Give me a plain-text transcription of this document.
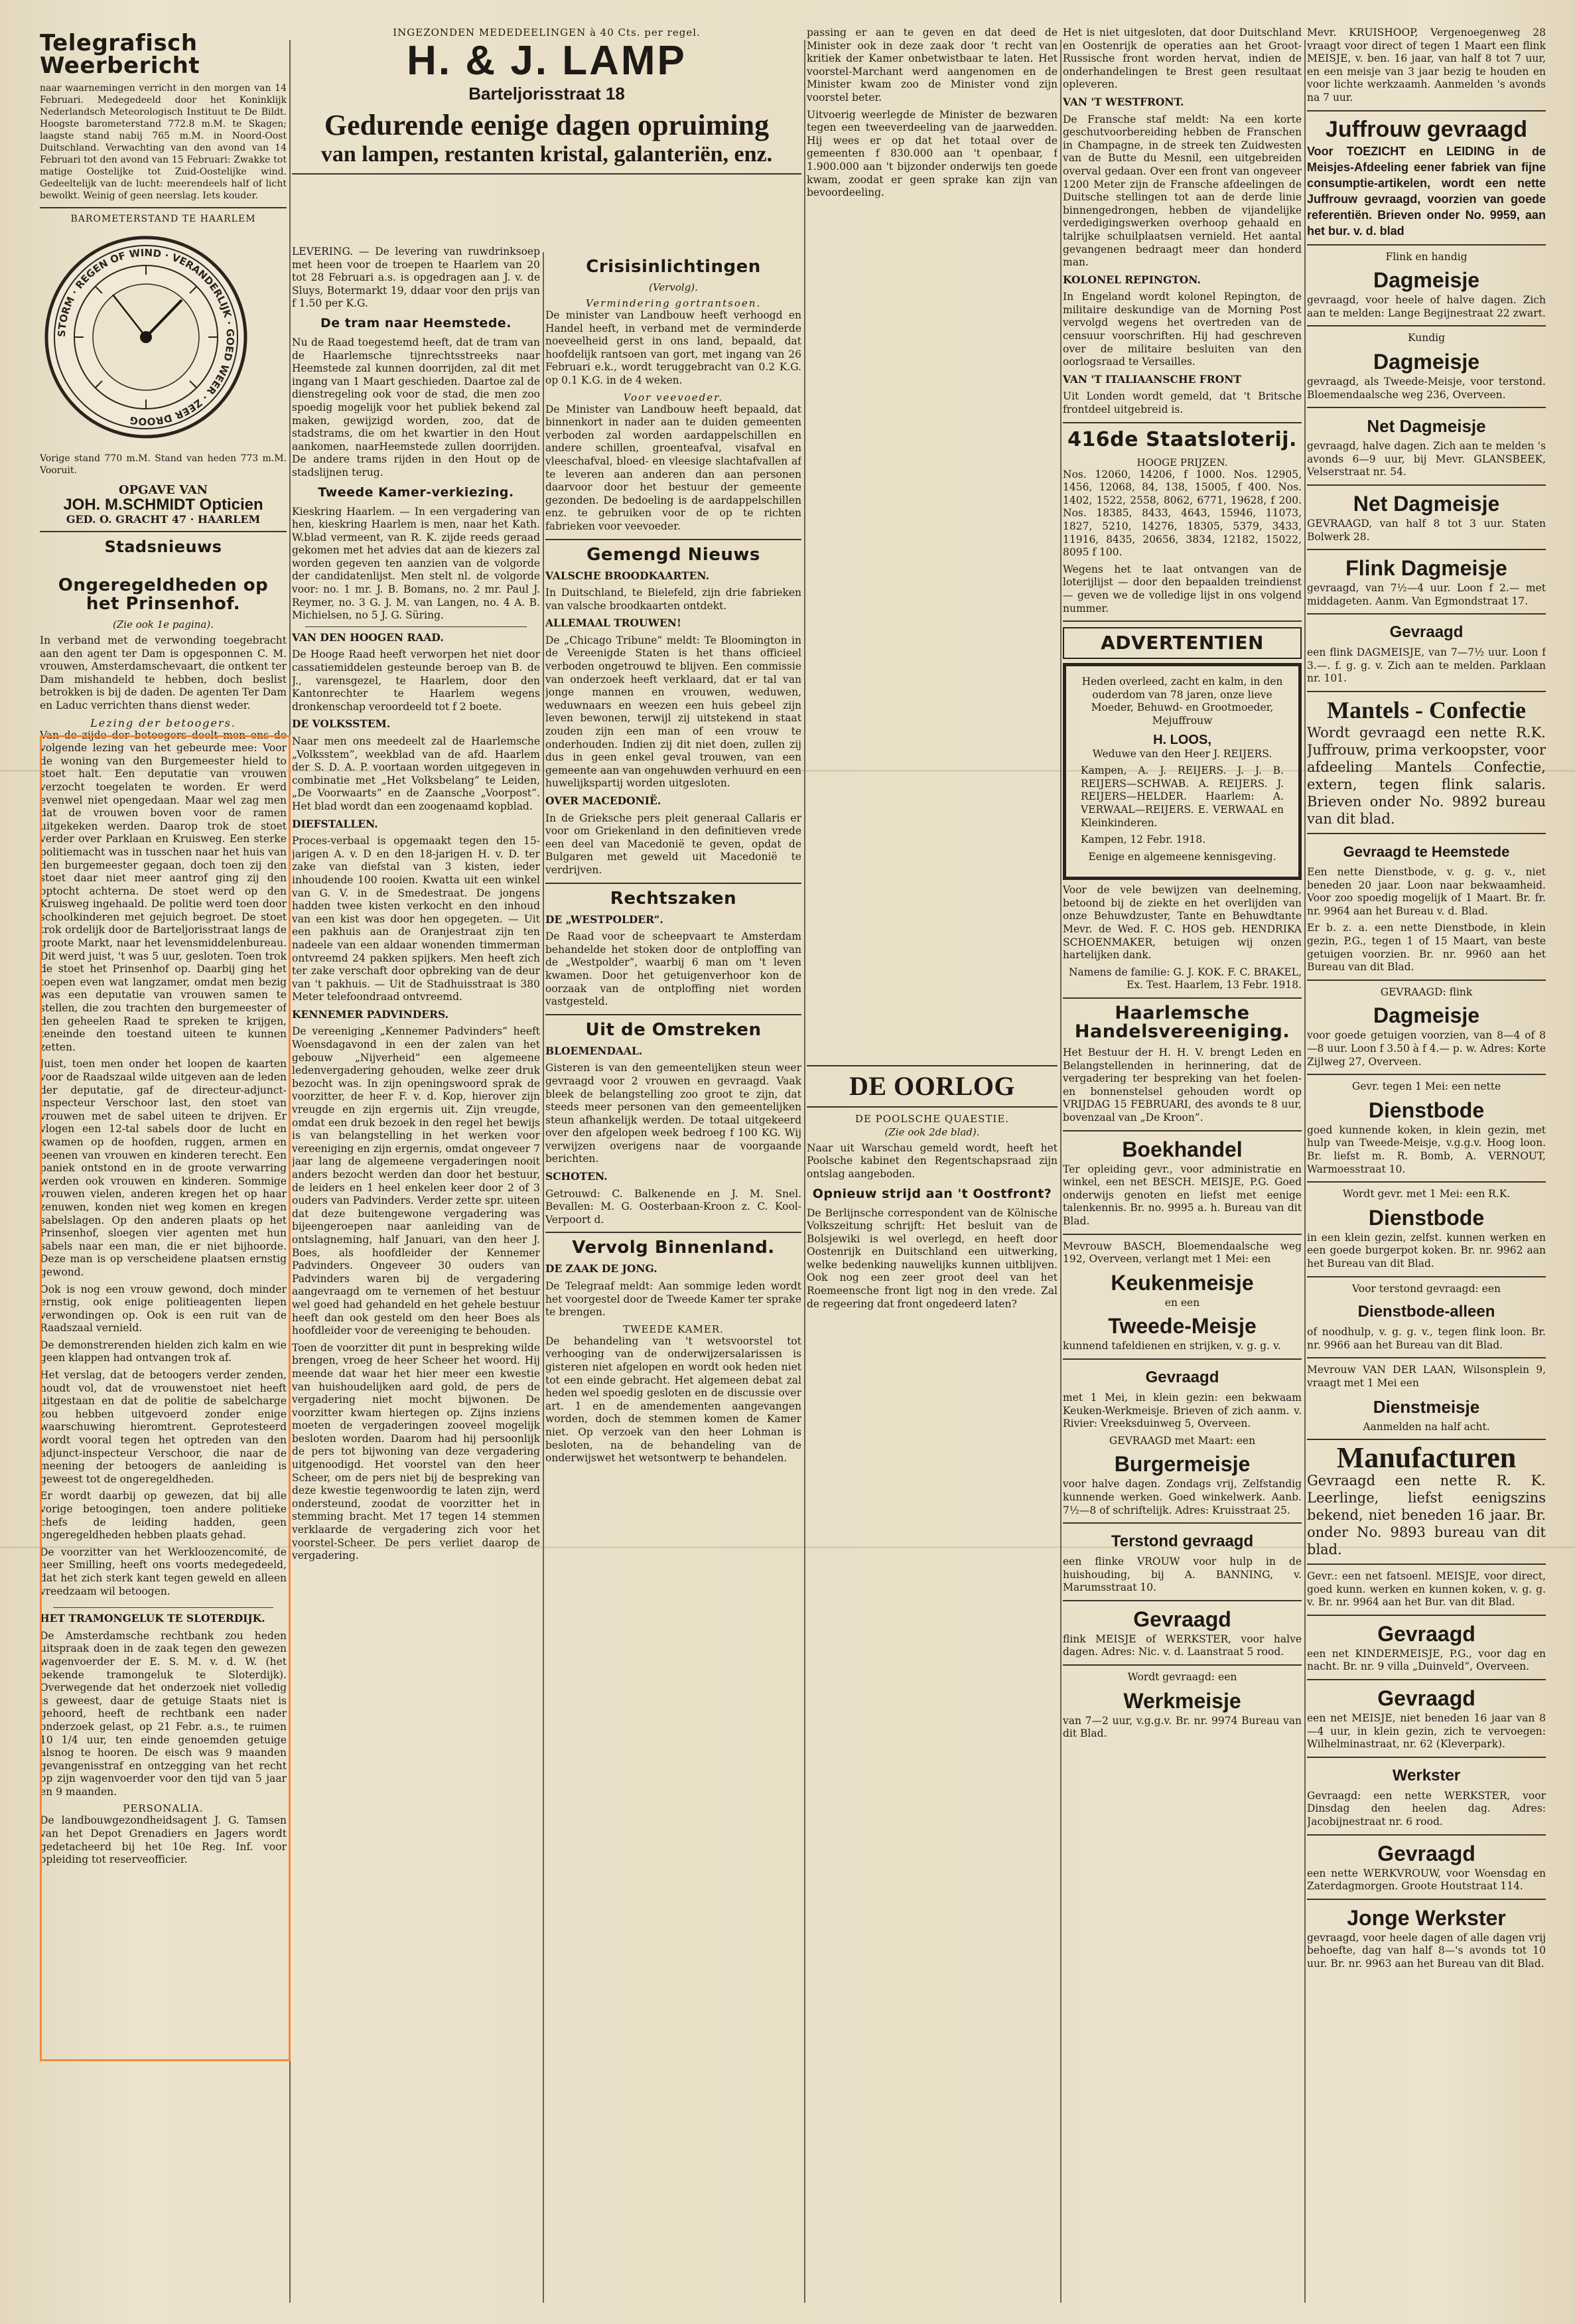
Telegrafisch Weerbericht

naar waarnemingen verricht in den morgen van 14 Februari. Medegedeeld door het Koninklijk Nederlandsch Meteorologisch Instituut te De Bildt. Hoogste barometerstand 772.8 m.M. te Skagen; laagste stand nabij 765 m.M. in Noord-Oost Duitschland. Verwachting van den avond van 14 Februari tot den avond van 15 Februari: Zwakke tot matige Oostelijke tot Zuid-Oostelijke wind. Gedeeltelijk van de lucht: meerendeels half of licht bewolkt. Weinig of geen neerslag. Iets kouder.

BAROMETERSTAND TE HAARLEM
STORM · REGEN OF WIND · VERANDERLIJK · GOED WEER · ZEER DROOG

Vorige stand 770 m.M. Stand van heden 773 m.M. Vooruit.

OPGAVE VAN
JOH. M.SCHMIDT Opticien
GED. O. GRACHT 47 · HAARLEM
Stadsnieuws
Ongeregeldheden op het Prinsenhof.
(Zie ook 1e pagina).

In verband met de verwonding toegebracht aan den agent ter Dam is opgesponnen C. M. vrouwen, Amsterdamschevaart, die ontkent ter Dam mishandeld te hebben, doch beslist betrokken is bij de daden. De agenten Ter Dam en Laduc verrichten thans dienst weder.

Lezing der betoogers.

Van de zijde der betoogers deelt men ons de volgende lezing van het gebeurde mee: Voor de woning van den Burgemeester hield to stoet halt. Een deputatie van vrouwen verzocht toegelaten te worden. Er werd evenwel niet opengedaan. Maar wel zag men dat de vrouwen boven voor de ramen uitgekeken werden. Daarop trok de stoet verder over Parklaan en Kruisweg. Een sterke politiemacht was in tusschen naar het huis van den burgemeester gegaan, doch toen zij den stoet daar niet meer aantrof ging zij den optocht achterna. De stoet werd op den Kruisweg ingehaald. De politie werd toen door schoolkinderen met gejuich begroet. De stoet trok ordelijk door de Barteljorisstraat langs de groote Markt, naar het levensmiddelenbureau. Dit werd juist, 't was 5 uur, gesloten. Toen trok de stoet het Prinsenhof op. Daarbij ging het toepen even wat langzamer, omdat men bezig was een deputatie van vrouwen samen te stellen, die zou trachten den burgemeester of den geheelen Raad te spreken te krijgen, teneinde den toestand uiteen te kunnen zetten.

Juist, toen men onder het loopen de kaarten voor de Raadszaal wilde uitgeven aan de leden der deputatie, gaf de directeur-adjunct-inspecteur Verschoor last, den stoet van vrouwen met de sabel uiteen te drijven. Er vlogen een 12-tal sabels door de lucht en kwamen op de hoofden, ruggen, armen en beenen van vrouwen en kinderen terecht. Een paniek ontstond en in de groote verwarring werden ook vrouwen en kinderen. Sommige vrouwen vielen, anderen kregen het op haar zenuwen, konden niet weg komen en kregen sabelslagen. Op den anderen plaats op het Prinsenhof, sloegen vier agenten met hun sabels naar een man, die er niet bijhoorde. Deze man is op verscheidene plaatsen ernstig gewond.

Ook is nog een vrouw gewond, doch minder ernstig, ook enige politieagenten liepen verwondingen op. Ook is een ruit van de Raadszaal vernield.

De demonstrerenden hielden zich kalm en wie geen klappen had ontvangen trok af.

Het verslag, dat de betoogers verder zenden, houdt vol, dat de vrouwenstoet niet heeft uitgestaan en dat de politie de sabelcharge zou hebben uitgevoerd zonder enige waarschuwing hieromtrent. Geprotesteerd wordt vooral tegen het optreden van den adjunct-inspecteur Verschoor, die naar de meening der betoogers de aanleiding is geweest tot de ongeregeldheden.

Er wordt daarbij op gewezen, dat bij alle vorige betoogingen, toen andere politieke chefs de leiding hadden, geen ongeregeldheden hebben plaats gehad.

De voorzitter van het Werkloozencomité, de heer Smilling, heeft ons voorts medegedeeld, dat het zich sterk kant tegen geweld en alleen vreedzaam wil betoogen.

HET TRAMONGELUK TE SLOTERDIJK.

De Amsterdamsche rechtbank zou heden uitspraak doen in de zaak tegen den gewezen wagenvoerder der E. S. M. v. d. W. (het bekende tramongeluk te Sloterdijk). Overwegende dat het onderzoek niet volledig is geweest, daar de getuige Staats niet is gehoord, heeft de rechtbank een nader onderzoek gelast, op 21 Febr. a.s., te ruimen 10 1/4 uur, ten einde genoemden getuige alsnog te hooren. De eisch was 9 maanden gevangenisstraf en ontzegging van het recht op zijn wagenvoerder voor den tijd van 5 jaar en 9 maanden.

PERSONALIA.

De landbouwgezondheidsagent J. G. Tamsen van het Depot Grenadiers en Jagers wordt gedetacheerd bij het 10e Reg. Inf. voor opleiding tot reserveofficier.

INGEZONDEN MEDEDEELINGEN à 40 Cts. per regel.
H. & J. LAMP
Barteljorisstraat 18
Gedurende eenige dagen opruiming
van lampen, restanten kristal, galanteriën, enz.

LEVERING. — De levering van ruwdrinksoep met heen voor de troepen te Haarlem van 20 tot 28 Februari a.s. is opgedragen aan J. v. de Sluys, Botermarkt 19, ddaar voor den prijs van f 1.50 per K.G.

De tram naar Heemstede.

Nu de Raad toegestemd heeft, dat de tram van de Haarlemsche tijnrechtsstreeks naar Heemstede zal kunnen doorrijden, zal dit met ingang van 1 Maart geschieden. Daartoe zal de dienstregeling ook voor de stad, die men zoo spoedig mogelijk voor het publiek bekend zal maken, gewijzigd worden, zoo, dat de stadstrams, die om het kwartier in den Hout aankomen, naarHeemstede zullen doorrijden. De andere trams rijden in den Hout op de stadslijnen terug.

Tweede Kamer-verkiezing.

Kieskring Haarlem. — In een vergadering van hen, kieskring Haarlem is men, naar het Kath. W.blad vermeent, van R. K. zijde reeds geraad gekomen met het advies dat aan de kiezers zal worden gegeven ten aanzien van de volgorde der candidatenlijst. Men stelt nl. de volgorde voor: no. 1 mr. J. B. Bomans, no. 2 mr. Paul J. Reymer, no. 3 G. J. M. van Langen, no. 4 A. B. Michielsen, no 5 J. G. Süring.

VAN DEN HOOGEN RAAD.

De Hooge Raad heeft verworpen het niet door cassatiemiddelen gesteunde beroep van B. de J., varensgezel, te Haarlem, door den Kantonrechter te Haarlem wegens dronkenschap veroordeeld tot f 2 boete.

DE VOLKSSTEM.

Naar men ons meedeelt zal de Haarlemsche „Volksstem”, weekblad van de afd. Haarlem der S. D. A. P. voortaan worden uitgegeven in combinatie met „Het Volksbelang” te Leiden, „De Voorwaarts” en de Zaansche „Voorpost”. Het blad wordt dan een zoogenaamd kopblad.

DIEFSTALLEN.

Proces-verbaal is opgemaakt tegen den 15-jarigen A. v. D en den 18-jarigen H. v. D. ter zake van diefstal van 3 kisten, ieder inhoudende 100 rooien. Kwatta uit een winkel van G. V. in de Smedestraat. De jongens hadden twee kisten verkocht en den inhoud van een kist was door hen opgegeten. — Uit een pakhuis aan de Oranjestraat zijn ten nadeele van een aldaar wonenden timmerman ontvreemd 24 pakken spijkers. Men heeft zich ter zake verschaft door opbreking van de deur van 't pakhuis. — Uit de Stadhuisstraat is 380 Meter telefoondraad ontvreemd.

KENNEMER PADVINDERS.

De vereeniging „Kennemer Padvinders” heeft Woensdagavond in een der zalen van het gebouw „Nijverheid” een algemeene ledenvergadering gehouden, welke zeer druk bezocht was. In zijn openingswoord sprak de voorzitter, de heer F. v. d. Kop, hierover zijn vreugde en zijn ergernis uit. Zijn vreugde, omdat een druk bezoek in den regel het bewijs is van belangstelling in het werken voor vereeniging en zijn ergernis, omdat ongeveer 7 jaar lang de algemeene vergaderingen nooit anders bezocht werden dan door het bestuur, de leiders en 1 heel enkelen keer door 2 of 3 ouders van Padvinders. Verder zette spr. uiteen dat deze buitengewone vergadering was bijeengeroepen naar aanleiding van de ontslagneming, half Januari, van den heer J. Boes, als hoofdleider der Kennemer Padvinders. Ongeveer 30 ouders van Padvinders waren bij de vergadering aangevraagd om te vernemen of het bestuur wel goed had gehandeld en het gehele bestuur heeft dan ook gesteld om den heer Boes als hoofdleider voor de vereeniging te behouden.

Toen de voorzitter dit punt in bespreking wilde brengen, vroeg de heer Scheer het woord. Hij meende dat waar het hier meer een kwestie van huishoudelijken aard gold, de pers de vergadering niet mocht bijwonen. De voorzitter kwam hiertegen op. Zijns inziens moeten de vergaderingen zooveel mogelijk besloten worden. Daarom had hij persoonlijk de pers tot bijwoning van deze vergadering uitgenoodigd. Het voorstel van den heer Scheer, om de pers niet bij de bespreking van deze kwestie tegenwoordig te laten zijn, werd ondersteund, zoodat de voorzitter het in stemming bracht. Met 17 tegen 14 stemmen verklaarde de vergadering zich voor het voorstel-Scheer. De pers verliet daarop de vergadering.

Crisisinlichtingen
(Vervolg).
Vermindering gortrantsoen.

De minister van Landbouw heeft verhoogd en Handel heeft, in verband met de verminderde noeveelheid gerst in ons land, bepaald, dat hoofdelijk rantsoen van gort, met ingang van 26 Februari e.k., wordt teruggebracht van 0.2 K.G. op 0.1 K.G. in de 4 weken.

Voor veevoeder.

De Minister van Landbouw heeft bepaald, dat binnenkort in nader aan te duiden gemeenten verboden zal worden aardappelschillen en andere schillen, groenteafval, visafval en vleeschafval, bloed- en vleesige slachtafvallen af te leveren aan anderen dan aan personen daarvoor door het bestuur der gemeente gezonden. De bedoeling is de aardappelschillen enz. te gebruiken voor de op te richten fabrieken voor veevoeder.

Gemengd Nieuws

VALSCHE BROODKAARTEN.

In Duitschland, te Bielefeld, zijn drie fabrieken van valsche broodkaarten ontdekt.

ALLEMAAL TROUWEN!

De „Chicago Tribune” meldt: Te Bloomington in de Vereenigde Staten is het thans officieel verboden ongetrouwd te blijven. Een commissie van onderzoek heeft verklaard, dat er tal van jonge mannen en vrouwen, weduwen, weduwnaars en weezen een huis gebeel zijn leven bewonen, terwijl zij uitstekend in staat zouden zijn een man of een vrouw te onderhouden. Indien zij dit niet doen, zullen zij dus in geen enkel geval trouwen, van een gemeente aan van ongehuwden verhuurd en een huwelijkspartij worden uitgesloten.

OVER MACEDONIË.

In de Grieksche pers pleit generaal Callaris er voor om Griekenland in den definitieven vrede een deel van Macedonië te geven, opdat de Bulgaren met geweld uit Macedonië te verdrijven.

Rechtszaken

DE „WESTPOLDER”.

De Raad voor de scheepvaart te Amsterdam behandelde het stoken door de ontploffing van de „Westpolder”, waarbij 6 man om 't leven kwamen. Door het getuigenverhoor kon de oorzaak van de ontploffing niet worden vastgesteld.

Uit de Omstreken

BLOEMENDAAL.

Gisteren is van den gemeentelijken steun weer gevraagd voor 2 vrouwen en gevraagd. Vaak bleek de belangstelling zoo groot te zijn, dat steeds meer personen van den gemeentelijken steun afhankelijk werden. De totaal uitgekeerd over den afgelopen week bedroeg f 100 KG. Wij verwijzen overigens naar de voorgaande berichten.

SCHOTEN.

Getrouwd: C. Balkenende en J. M. Snel. Bevallen: M. G. Oosterbaan-Kroon z. C. Kool-Verpoort d.

Vervolg Binnenland.

DE ZAAK DE JONG.

De Telegraaf meldt: Aan sommige leden wordt het voorgestel door de Tweede Kamer ter sprake te brengen.

TWEEDE KAMER.

De behandeling van 't wetsvoorstel tot verhooging van de onderwijzersalarissen is gisteren niet afgelopen en wordt ook heden niet tot een einde gebracht. Het algemeen debat zal heden wel spoedig gesloten en de discussie over art. 1 en de amendementen aangevangen worden, doch de stemmen komen de Kamer niet. Op verzoek van den heer Lohman is besloten, na de behandeling van de onderwijswet het wetsontwerp te behandelen.

passing er aan te geven en dat deed de Minister ook in deze zaak door 't recht van kritiek der Kamer onbetwistbaar te laten. Het voorstel-Marchant werd aangenomen en de Minister kwam zoo de Minister vond zijn voorstel beter.

Uitvoerig weerlegde de Minister de bezwaren tegen een tweeverdeeling van de jaarwedden. Hij wees er op dat het totaal over de gemeenten f 830.000 aan 't openbaar, f 1.900.000 aan 't bijzonder onderwijs ten goede kwam, zoodat er geen sprake kan zijn van bevoordeeling.

DE OORLOG
DE POOLSCHE QUAESTIE.
(Zie ook 2de blad).

Naar uit Warschau gemeld wordt, heeft het Poolsche kabinet den Regentschapsraad zijn ontslag aangeboden.

Opnieuw strijd aan 't Oostfront?

De Berlijnsche correspondent van de Kölnische Volkszeitung schrijft: Het besluit van de Bolsjewiki is wel overlegd, en heeft door Oostenrijk en Duitschland een uitwerking, welke bedenking nauwelijks kunnen uitblijven. Ook nog een zeer groot deel van het Roemeensche front ligt nog in den vrede. Zal de regeering dat front ongedeerd laten?

Het is niet uitgesloten, dat door Duitschland en Oostenrijk de operaties aan het Groot-Russische front worden hervat, indien de onderhandelingen te Brest geen resultaat opleveren.

VAN 'T WESTFRONT.

De Fransche staf meldt: Na een korte geschutvoorbereiding hebben de Franschen in Champagne, in de streek ten Zuidwesten van de Butte du Mesnil, een uitgebreiden overval gedaan. Over een front van ongeveer 1200 Meter zijn de Fransche afdeelingen de Duitsche stellingen tot aan de derde linie binnengedrongen, hebben de vijandelijke verdedigingswerken overhoop gehaald en talrijke schuilplaatsen vernield. Het aantal gevangenen bedraagt meer dan honderd man.

KOLONEL REPINGTON.

In Engeland wordt kolonel Repington, de militaire deskundige van de Morning Post vervolgd wegens het overtreden van de censuur voorschriften. Hij had geschreven over de militaire besluiten van den oorlogsraad te Versailles.

VAN 'T ITALIAANSCHE FRONT

Uit Londen wordt gemeld, dat 't Britsche frontdeel uitgebreid is.

416de Staatsloterij.
HOOGE PRIJZEN.

Nos. 12060, 14206, f 1000. Nos. 12905, 1456, 12068, 84, 138, 15005, f 400. Nos. 1402, 1522, 2558, 8062, 6771, 19628, f 200. Nos. 18385, 8433, 4643, 15946, 11073, 1827, 5210, 14276, 18305, 5379, 3433, 11916, 8435, 20656, 3834, 12182, 15022, 8095 f 100.

Wegens het te laat ontvangen van de loterijlijst — door den bepaalden treindienst — geven we de volledige lijst in ons volgend nummer.

ADVERTENTIEN

Heden overleed, zacht en kalm, in den ouderdom van 78 jaren, onze lieve Moeder, Behuwd- en Grootmoeder, Mejuffrouw

H. LOOS,

Weduwe van den Heer J. REIJERS.

Kampen, A. J. REIJERS. J. J. B. REIJERS—SCHWAB. A. REIJERS. J. REIJERS—HELDER. Haarlem: A. VERWAAL—REIJERS. E. VERWAAL en Kleinkinderen.

Kampen, 12 Febr. 1918.

Eenige en algemeene kennisgeving.

Voor de vele bewijzen van deelneming, betoond bij de ziekte en het overlijden van onze Behuwdzuster, Tante en Behuwdtante Mevr. de Wed. F. C. HOS geb. HENDRIKA SCHOENMAKER, betuigen wij onzen hartelijken dank.

Namens de familie: G. J. KOK. F. C. BRAKEL, Ex. Test. Haarlem, 13 Febr. 1918.

Haarlemsche Handelsvereeniging.

Het Bestuur der H. H. V. brengt Leden en Belangstellenden in herinnering, dat de vergadering ter bespreking van het foelen- en bonnenstelsel gehouden wordt op VRIJDAG 15 FEBRUARI, des avonds te 8 uur, bovenzaal van „De Kroon”.

Boekhandel

Ter opleiding gevr., voor administratie en winkel, een net BESCH. MEISJE, P.G. Goed onderwijs genoten en liefst met eenige talenkennis. Br. no. 9995 a. h. Bureau van dit Blad.

Mevrouw BASCH, Bloemendaalsche weg 192, Overveen, verlangt met 1 Mei: een

Keukenmeisje

en een

Tweede-Meisje

kunnend tafeldienen en strijken, v. g. g. v.

Gevraagd

met 1 Mei, in klein gezin: een bekwaam Keuken-Werkmeisje. Brieven of zich aanm. v. Rivier: Vreeksduinweg 5, Overveen.

GEVRAAGD met Maart: een

Burgermeisje

voor halve dagen. Zondags vrij, Zelfstandig kunnende werken. Goed winkelwerk. Aanb. 7½—8 of schriftelijk. Adres: Kruisstraat 25.

Terstond gevraagd

een flinke VROUW voor hulp in de huishouding, bij A. BANNING, v. Marumsstraat 10.

Gevraagd

flink MEISJE of WERKSTER, voor halve dagen. Adres: Nic. v. d. Laanstraat 5 rood.

Wordt gevraagd: een

Werkmeisje

van 7—2 uur, v.g.g.v. Br. nr. 9974 Bureau van dit Blad.

Mevr. KRUISHOOP, Vergenoegenweg 28 vraagt voor direct of tegen 1 Maart een flink MEISJE, v. ben. 16 jaar, van half 8 tot 7 uur, en een meisje van 3 jaar bezig te houden en voor lichte werkzaamh. Aanmelden 's avonds na 7 uur.

Juffrouw gevraagd

Voor TOEZICHT en LEIDING in de Meisjes-Afdeeling eener fabriek van fijne consumptie-artikelen, wordt een nette Juffrouw gevraagd, voorzien van goede referentiën. Brieven onder No. 9959, aan het bur. v. d. blad

Flink en handig

Dagmeisje

gevraagd, voor heele of halve dagen. Zich aan te melden: Lange Begijnestraat 22 zwart.

Kundig

Dagmeisje

gevraagd, als Tweede-Meisje, voor terstond. Bloemendaalsche weg 236, Overveen.

Net Dagmeisje

gevraagd, halve dagen. Zich aan te melden 's avonds 6—9 uur, bij Mevr. GLANSBEEK, Velserstraat nr. 54.

Net Dagmeisje

GEVRAAGD, van half 8 tot 3 uur. Staten Bolwerk 28.

Flink Dagmeisje

gevraagd, van 7½—4 uur. Loon f 2.— met middageten. Aanm. Van Egmondstraat 17.

Gevraagd

een flink DAGMEISJE, van 7—7½ uur. Loon f 3.—. f. g. g. v. Zich aan te melden. Parklaan nr. 101.

Mantels - Confectie

Wordt gevraagd een nette R.K. Juffrouw, prima verkoopster, voor afdeeling Mantels Confectie, extern, tegen flink salaris. Brieven onder No. 9892 bureau van dit blad.

Gevraagd te Heemstede

Een nette Dienstbode, v. g. g. v., niet beneden 20 jaar. Loon naar bekwaamheid. Voor zoo spoedig mogelijk of 1 Maart. Br. fr. nr. 9964 aan het Bureau v. d. Blad.

Er b. z. a. een nette Dienstbode, in klein gezin, P.G., tegen 1 of 15 Maart, van beste getuigen voorzien. Br. nr. 9960 aan het Bureau van dit Blad.

GEVRAAGD: flink

Dagmeisje

voor goede getuigen voorzien, van 8—4 of 8—8 uur. Loon f 3.50 à f 4.— p. w. Adres: Korte Zijlweg 27, Overveen.

Gevr. tegen 1 Mei: een nette

Dienstbode

goed kunnende koken, in klein gezin, met hulp van Tweede-Meisje, v.g.g.v. Hoog loon. Br. liefst m. R. Bomb, A. VERNOUT, Warmoesstraat 10.

Wordt gevr. met 1 Mei: een R.K.

Dienstbode

in een klein gezin, zelfst. kunnen werken en een goede burgerpot koken. Br. nr. 9962 aan het Bureau van dit Blad.

Voor terstond gevraagd: een

Dienstbode-alleen

of noodhulp, v. g. g. v., tegen flink loon. Br. nr. 9966 aan het Bureau van dit Blad.

Mevrouw VAN DER LAAN, Wilsonsplein 9, vraagt met 1 Mei een

Dienstmeisje

Aanmelden na half acht.

Manufacturen

Gevraagd een nette R. K. Leerlinge, liefst eenigszins bekend, niet beneden 16 jaar. Br. onder No. 9893 bureau van dit blad.

Gevr.: een net fatsoenl. MEISJE, voor direct, goed kunn. werken en kunnen koken, v. g. g. v. Br. nr. 9964 aan het Bur. van dit Blad.

Gevraagd

een net KINDERMEISJE, P.G., voor dag en nacht. Br. nr. 9 villa „Duinveld”, Overveen.

Gevraagd

een net MEISJE, niet beneden 16 jaar van 8—4 uur, in klein gezin, zich te vervoegen: Wilhelminastraat, nr. 62 (Kleverpark).

Werkster

Gevraagd: een nette WERKSTER, voor Dinsdag den heelen dag. Adres: Jacobijnestraat nr. 6 rood.

Gevraagd

een nette WERKVROUW, voor Woensdag en Zaterdagmorgen. Groote Houtstraat 114.

Jonge Werkster

gevraagd, voor heele dagen of alle dagen vrij behoefte, dag van half 8—'s avonds tot 10 uur. Br. nr. 9963 aan het Bureau van dit Blad.
